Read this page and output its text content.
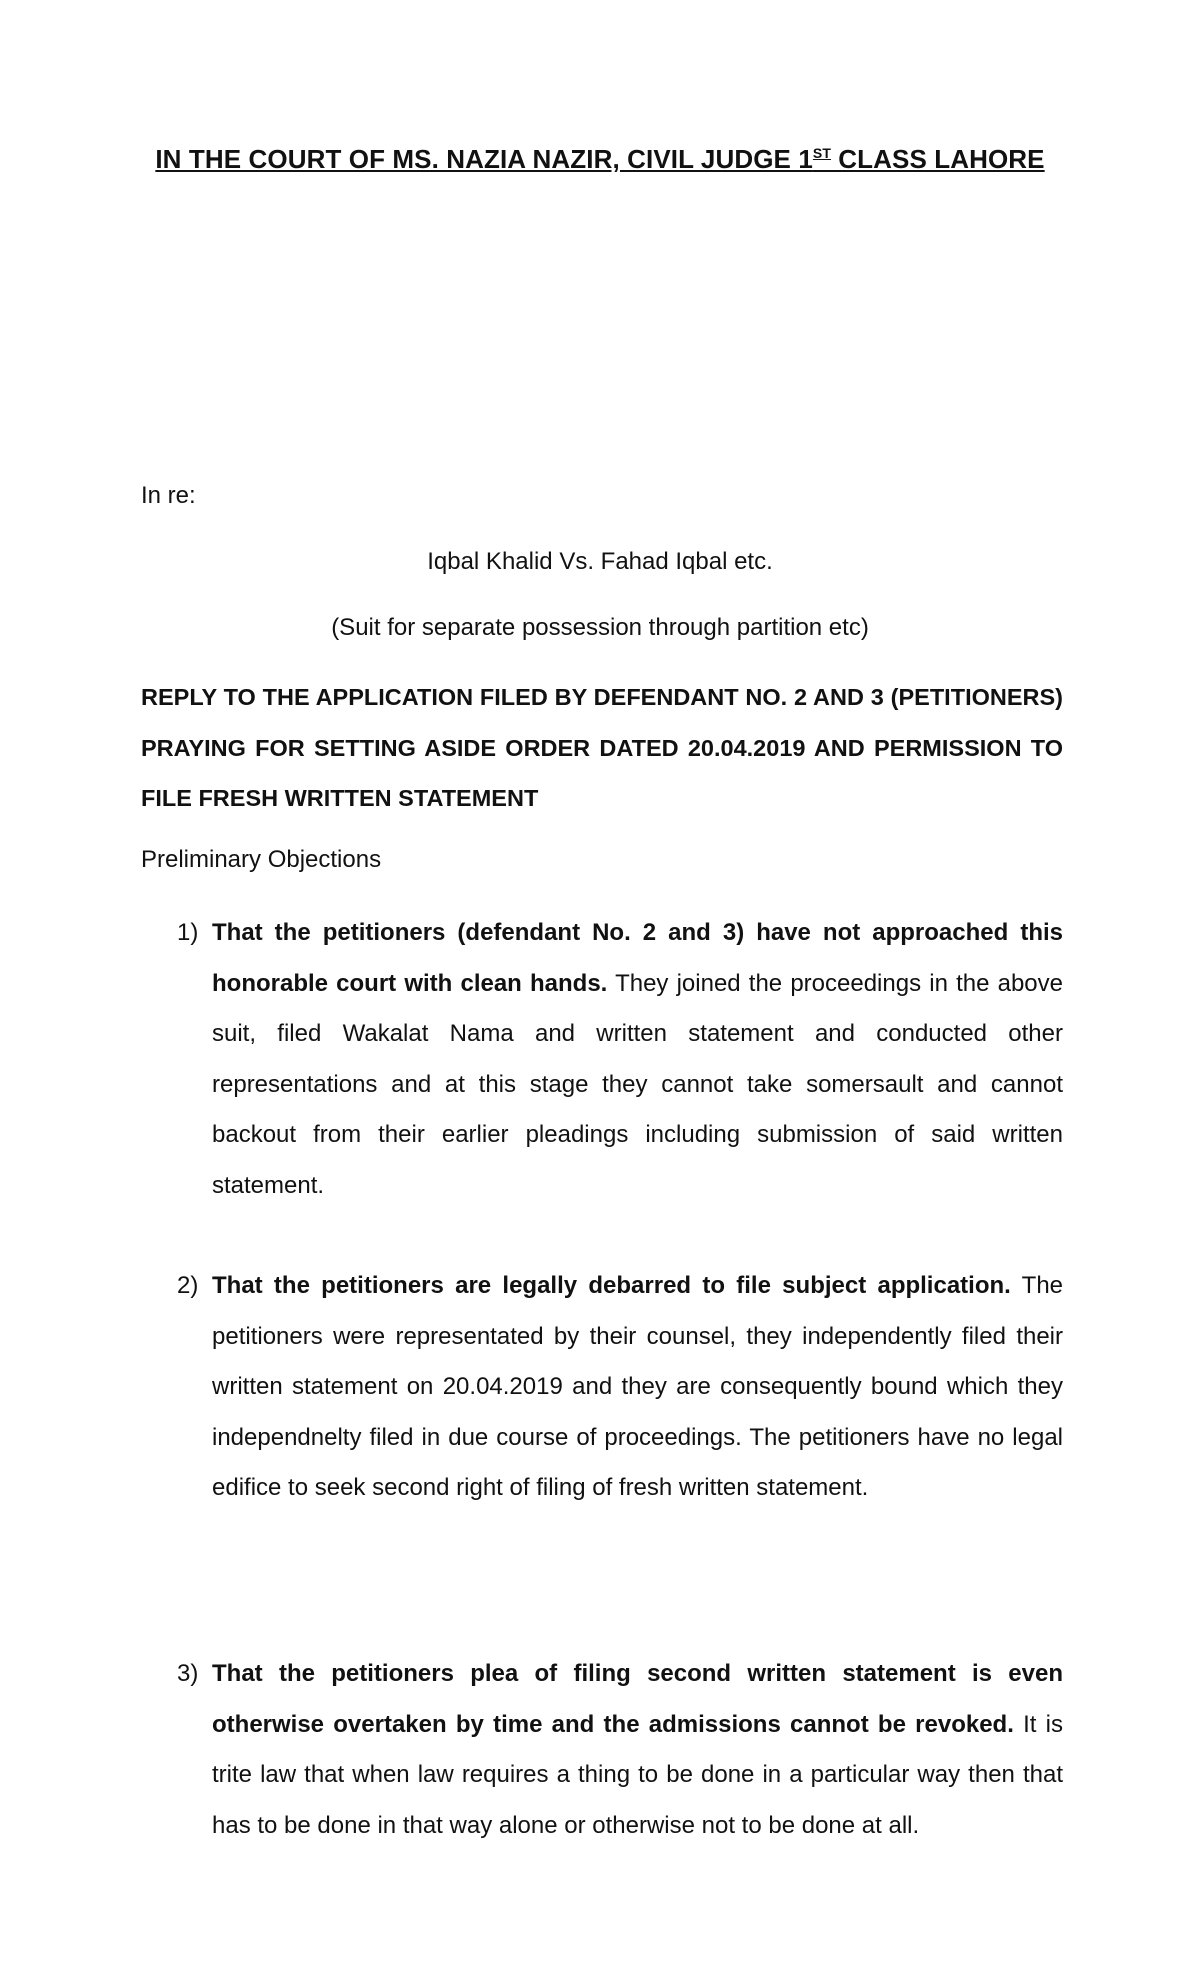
IN THE COURT OF MS. NAZIA NAZIR, CIVIL JUDGE 1ST CLASS LAHORE
In re:
Iqbal Khalid Vs. Fahad Iqbal etc.
(Suit for separate possession through partition etc)
REPLY TO THE APPLICATION FILED BY DEFENDANT NO. 2 AND 3 (PETITIONERS) PRAYING FOR SETTING ASIDE ORDER DATED 20.04.2019 AND PERMISSION TO FILE FRESH WRITTEN STATEMENT
Preliminary Objections
1) That the petitioners (defendant No. 2 and 3) have not approached this honorable court with clean hands. They joined the proceedings in the above suit, filed Wakalat Nama and written statement and conducted other representations and at this stage they cannot take somersault and cannot backout from their earlier pleadings including submission of said written statement.
2) That the petitioners are legally debarred to file subject application. The petitioners were representated by their counsel, they independently filed their written statement on 20.04.2019 and they are consequently bound which they independnelty filed in due course of proceedings. The petitioners have no legal edifice to seek second right of filing of fresh written statement.
3) That the petitioners plea of filing second written statement is even otherwise overtaken by time and the admissions cannot be revoked. It is trite law that when law requires a thing to be done in a particular way then that has to be done in that way alone or otherwise not to be done at all.
